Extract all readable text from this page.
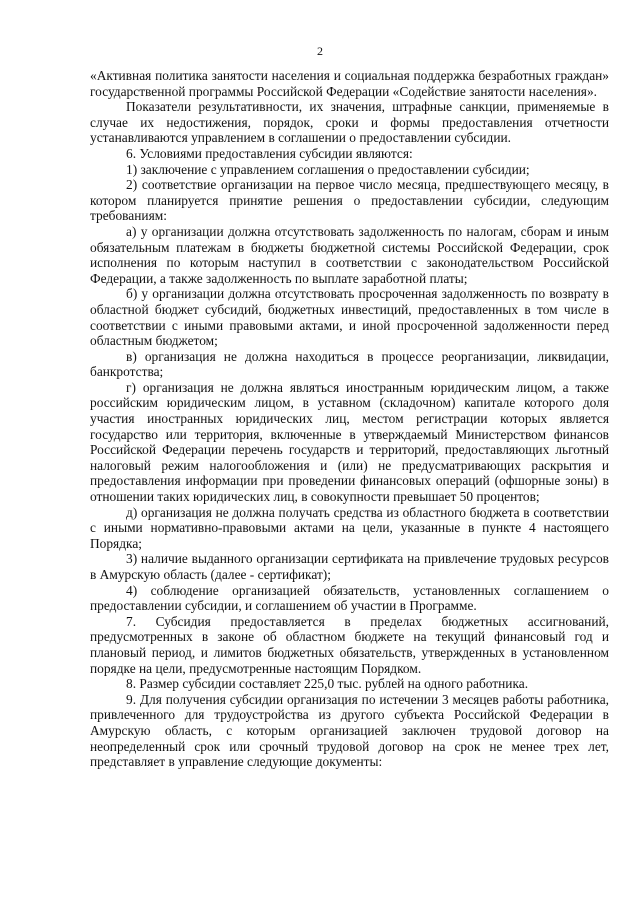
2

«Активная политика занятости населения и социальная поддержка безработных граждан» государственной программы Российской Федерации «Содействие занятости населения».

Показатели результативности, их значения, штрафные санкции, применяемые в случае их недостижения, порядок, сроки и формы предоставления отчетности устанавливаются управлением в соглашении о предоставлении субсидии.

6. Условиями предоставления субсидии являются:

1) заключение с управлением соглашения о предоставлении субсидии;

2) соответствие организации на первое число месяца, предшествующего месяцу, в котором планируется принятие решения о предоставлении субсидии, следующим требованиям:

а) у организации должна отсутствовать задолженность по налогам, сборам и иным обязательным платежам в бюджеты бюджетной системы Российской Федерации, срок исполнения по которым наступил в соответствии с законодательством Российской Федерации, а также задолженность по выплате заработной платы;

б) у организации должна отсутствовать просроченная задолженность по возврату в областной бюджет субсидий, бюджетных инвестиций, предоставленных в том числе в соответствии с иными правовыми актами, и иной просроченной задолженности перед областным бюджетом;

в) организация не должна находиться в процессе реорганизации, ликвидации, банкротства;

г) организация не должна являться иностранным юридическим лицом, а также российским юридическим лицом, в уставном (складочном) капитале которого доля участия иностранных юридических лиц, местом регистрации которых является государство или территория, включенные в утверждаемый Министерством финансов Российской Федерации перечень государств и территорий, предоставляющих льготный налоговый режим налогообложения и (или) не предусматривающих раскрытия и предоставления информации при проведении финансовых операций (офшорные зоны) в отношении таких юридических лиц, в совокупности превышает 50 процентов;

д) организация не должна получать средства из областного бюджета в соответствии с иными нормативно-правовыми актами на цели, указанные в пункте 4 настоящего Порядка;

3) наличие выданного организации сертификата на привлечение трудовых ресурсов в Амурскую область (далее - сертификат);

4) соблюдение организацией обязательств, установленных соглашением о предоставлении субсидии, и соглашением об участии в Программе.

7. Субсидия предоставляется в пределах бюджетных ассигнований, предусмотренных в законе об областном бюджете на текущий финансовый год и плановый период, и лимитов бюджетных обязательств, утвержденных в установленном порядке на цели, предусмотренные настоящим Порядком.

8. Размер субсидии составляет 225,0 тыс. рублей на одного работника.

9. Для получения субсидии организация по истечении 3 месяцев работы работника, привлеченного для трудоустройства из другого субъекта Российской Федерации в Амурскую область, с которым организацией заключен трудовой договор на неопределенный срок или срочный трудовой договор на срок не менее трех лет, представляет в управление следующие документы:
